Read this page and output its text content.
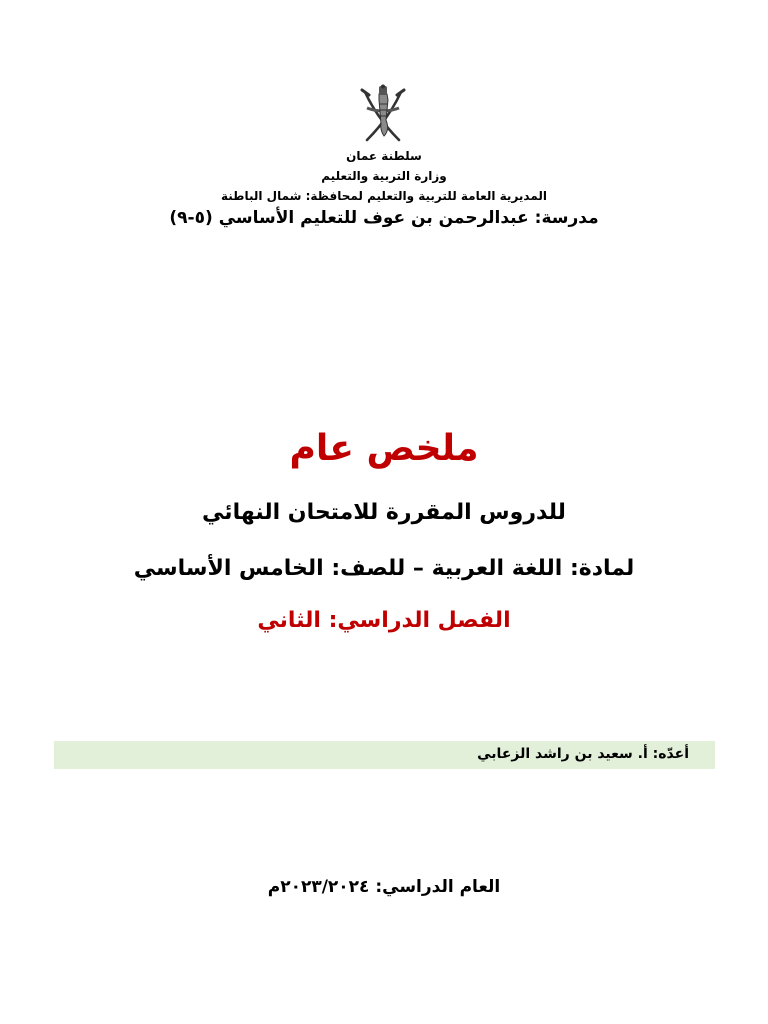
سلطنة عمان
وزارة التربية والتعليم
المديرية العامة للتربية والتعليم لمحافظة: شمال الباطنة
مدرسة: عبدالرحمن بن عوف للتعليم الأساسي (٥-٩)
ملخص عام
للدروس المقررة للامتحان النهائي
لمادة: اللغة العربية – للصف: الخامس الأساسي
الفصل الدراسي: الثاني
أعدّه: أ. سعيد بن راشد الزعابي
العام الدراسي: ٢٠٢٣/٢٠٢٤م
